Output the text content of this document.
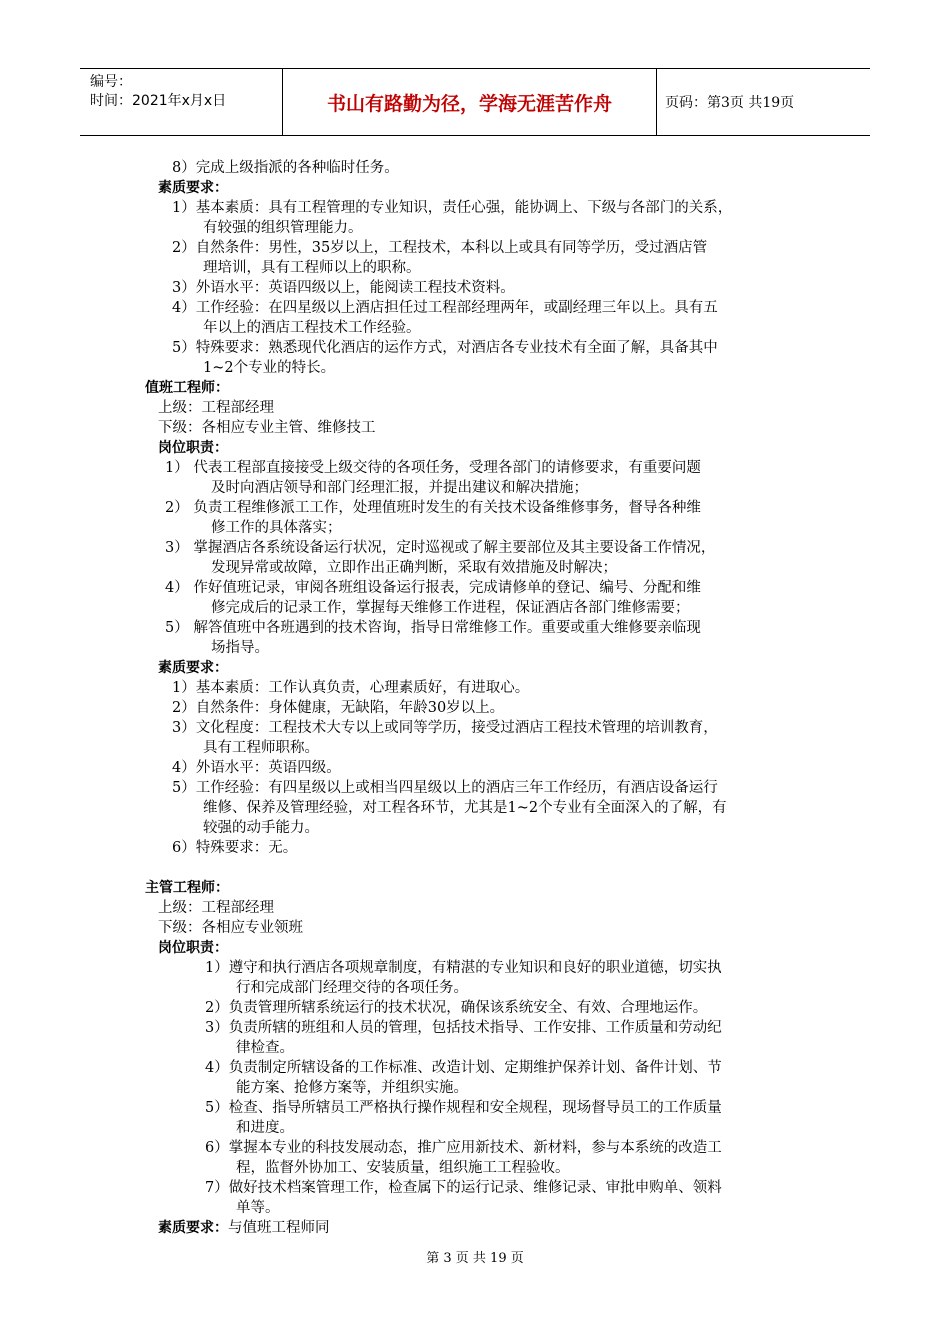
编号：
时间：2021年x月x日	书山有路勤为径，学海无涯苦作舟	页码：第3页 共19页
8）完成上级指派的各种临时任务。
素质要求：
1）基本素质：具有工程管理的专业知识，责任心强，能协调上、下级与各部门的关系，
有较强的组织管理能力。
2）自然条件：男性，35岁以上，工程技术，本科以上或具有同等学历，受过酒店管
理培训，具有工程师以上的职称。
3）外语水平：英语四级以上，能阅读工程技术资料。
4）工作经验：在四星级以上酒店担任过工程部经理两年，或副经理三年以上。具有五
年以上的酒店工程技术工作经验。
5）特殊要求：熟悉现代化酒店的运作方式，对酒店各专业技术有全面了解，具备其中
1~2个专业的特长。
值班工程师：
上级：工程部经理
下级：各相应专业主管、维修技工
岗位职责：
1） 代表工程部直接接受上级交待的各项任务，受理各部门的请修要求，有重要问题
及时向酒店领导和部门经理汇报，并提出建议和解决措施；
2） 负责工程维修派工工作，处理值班时发生的有关技术设备维修事务，督导各种维
修工作的具体落实；
3） 掌握酒店各系统设备运行状况，定时巡视或了解主要部位及其主要设备工作情况，
发现异常或故障，立即作出正确判断，采取有效措施及时解决；
4） 作好值班记录，审阅各班组设备运行报表，完成请修单的登记、编号、分配和维
修完成后的记录工作，掌握每天维修工作进程，保证酒店各部门维修需要；
5） 解答值班中各班遇到的技术咨询，指导日常维修工作。重要或重大维修要亲临现
场指导。
素质要求：
1）基本素质：工作认真负责，心理素质好，有进取心。
2）自然条件：身体健康，无缺陷，年龄30岁以上。
3）文化程度：工程技术大专以上或同等学历，接受过酒店工程技术管理的培训教育，
具有工程师职称。
4）外语水平：英语四级。
5）工作经验：有四星级以上或相当四星级以上的酒店三年工作经历，有酒店设备运行
维修、保养及管理经验，对工程各环节，尤其是1~2个专业有全面深入的了解，有
较强的动手能力。
6）特殊要求：无。
主管工程师：
上级：工程部经理
下级：各相应专业领班
岗位职责：
1）遵守和执行酒店各项规章制度，有精湛的专业知识和良好的职业道德，切实执
行和完成部门经理交待的各项任务。
2）负责管理所辖系统运行的技术状况，确保该系统安全、有效、合理地运作。
3）负责所辖的班组和人员的管理，包括技术指导、工作安排、工作质量和劳动纪
律检查。
4）负责制定所辖设备的工作标准、改造计划、定期维护保养计划、备件计划、节
能方案、抢修方案等，并组织实施。
5）检查、指导所辖员工严格执行操作规程和安全规程，现场督导员工的工作质量
和进度。
6）掌握本专业的科技发展动态，推广应用新技术、新材料，参与本系统的改造工
程，监督外协加工、安装质量，组织施工工程验收。
7）做好技术档案管理工作，检查属下的运行记录、维修记录、审批申购单、领料
单等。
素质要求：与值班工程师同
第 3 页 共 19 页
